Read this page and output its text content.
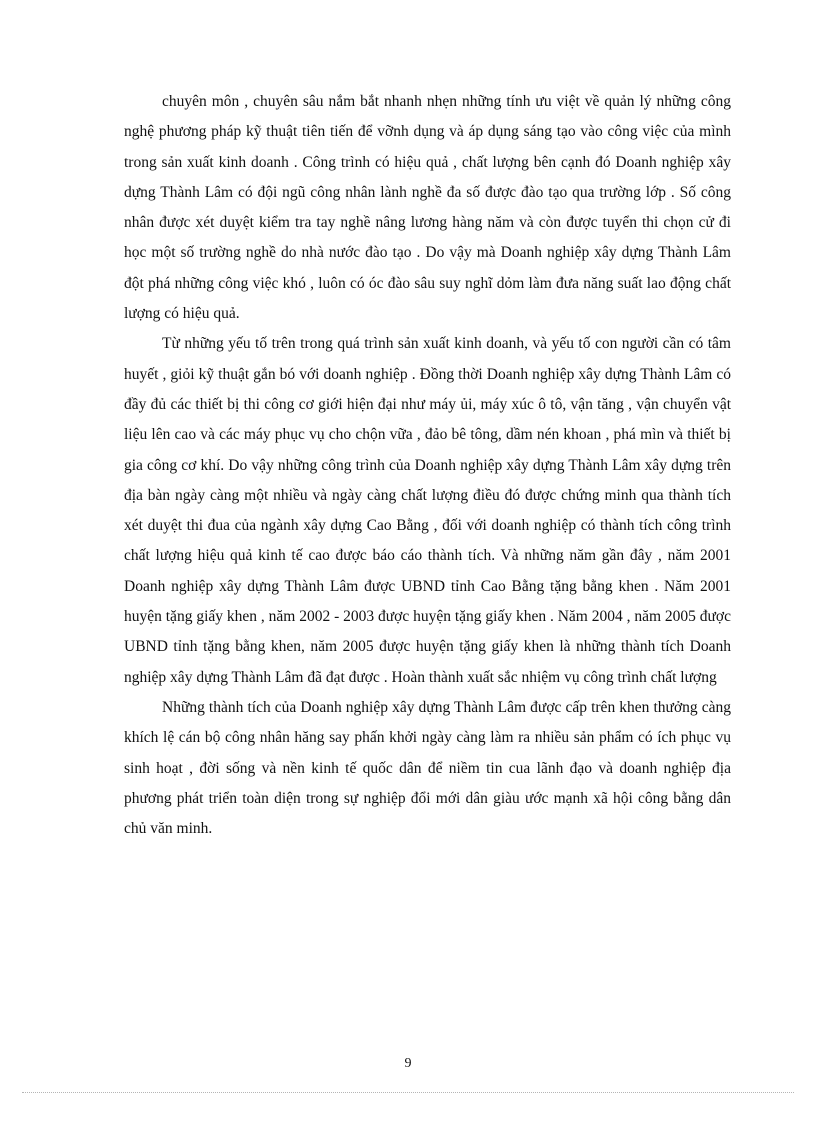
chuyên môn , chuyên sâu nắm bắt nhanh nhẹn những tính ưu việt về quản lý những công nghệ phương pháp kỹ thuật tiên tiến để vỡnh dụng và áp dụng sáng tạo vào công việc của mình trong sản xuất kinh doanh . Công trình có hiệu quả , chất lượng bên cạnh đó Doanh nghiệp xây dựng Thành Lâm có đội ngũ công nhân lành nghề đa số được đào tạo qua trường lớp . Số công nhân được xét duyệt kiểm tra tay nghề nâng lương hàng năm và còn được tuyển thi chọn cử đi học một số trường nghề do nhà nước đào tạo . Do vậy mà Doanh nghiệp xây dựng Thành Lâm đột phá những công việc khó , luôn có óc đào sâu suy nghĩ dỏm làm đưa năng suất lao động chất lượng có hiệu quả.

Từ những yếu tố trên trong quá trình sản xuất kinh doanh, và yếu tố con người cần có tâm huyết , giỏi kỹ thuật gắn bó với doanh nghiệp . Đồng thời Doanh nghiệp xây dựng Thành Lâm có đầy đủ các thiết bị thi công cơ giới hiện đại như máy ủi, máy xúc ô tô, vận tăng , vận chuyển vật liệu lên cao và các máy phục vụ cho chộn vữa , đảo bê tông, dầm nén khoan , phá mìn và thiết bị gia công cơ khí. Do vậy những công trình của Doanh nghiệp xây dựng Thành Lâm xây dựng trên địa bàn ngày càng một nhiều và ngày càng chất lượng điều đó được chứng minh qua thành tích xét duyệt thi đua của ngành xây dựng Cao Bằng , đối với doanh nghiệp có thành tích công trình chất lượng hiệu quả kinh tế cao được báo cáo thành tích. Và những năm gần đây , năm 2001 Doanh nghiệp xây dựng Thành Lâm được UBND tỉnh Cao Bằng tặng bằng khen . Năm 2001 huyện tặng giấy khen , năm 2002 - 2003 được huyện tặng giấy khen . Năm 2004 , năm 2005 được UBND tỉnh tặng bằng khen, năm 2005 được huyện tặng giấy khen là những thành tích Doanh nghiệp xây dựng Thành Lâm đã đạt được . Hoàn thành xuất sắc nhiệm vụ công trình chất lượng

Những thành tích của Doanh nghiệp xây dựng Thành Lâm được cấp trên khen thưởng càng khích lệ cán bộ công nhân hăng say phấn khởi ngày càng làm ra nhiều sản phẩm có ích phục vụ sinh hoạt , đời sống và nền kinh tế quốc dân để niềm tin cua lãnh đạo và doanh nghiệp địa phương phát triển toàn diện trong sự nghiệp đổi mới dân giàu ước mạnh xã hội công bằng dân chủ văn minh.

9
